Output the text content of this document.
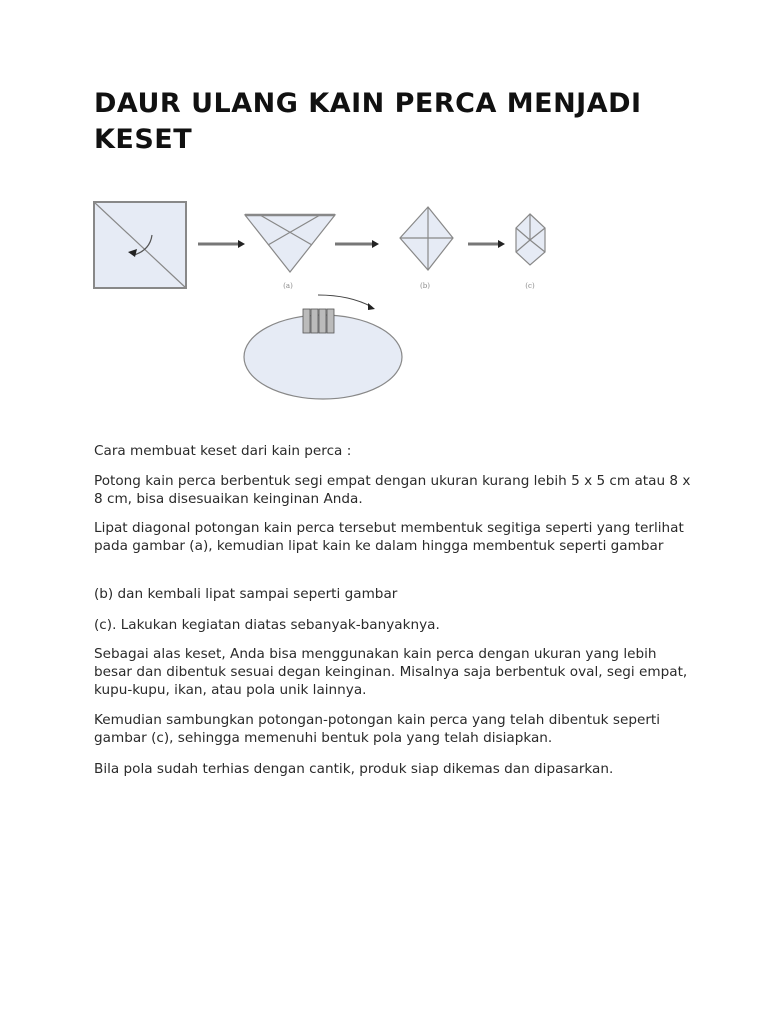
DAUR ULANG KAIN PERCA MENJADI KESET
(a)	(b)	(c)

Cara membuat keset dari kain perca :

Potong kain perca berbentuk segi empat dengan ukuran kurang lebih 5 x 5 cm atau 8 x 8 cm, bisa disesuaikan keinginan Anda.

Lipat diagonal potongan kain perca tersebut membentuk segitiga seperti yang terlihat pada gambar (a), kemudian lipat kain ke dalam hingga membentuk seperti gambar

(b) dan kembali lipat sampai seperti gambar

(c). Lakukan kegiatan diatas sebanyak-banyaknya.

Sebagai alas keset, Anda bisa menggunakan kain perca dengan ukuran yang lebih besar dan dibentuk sesuai degan keinginan. Misalnya saja berbentuk oval, segi empat, kupu-kupu, ikan, atau pola unik lainnya.

Kemudian sambungkan potongan-potongan kain perca yang telah dibentuk seperti gambar (c), sehingga memenuhi bentuk pola yang telah disiapkan.

Bila pola sudah terhias dengan cantik, produk siap dikemas dan dipasarkan.
